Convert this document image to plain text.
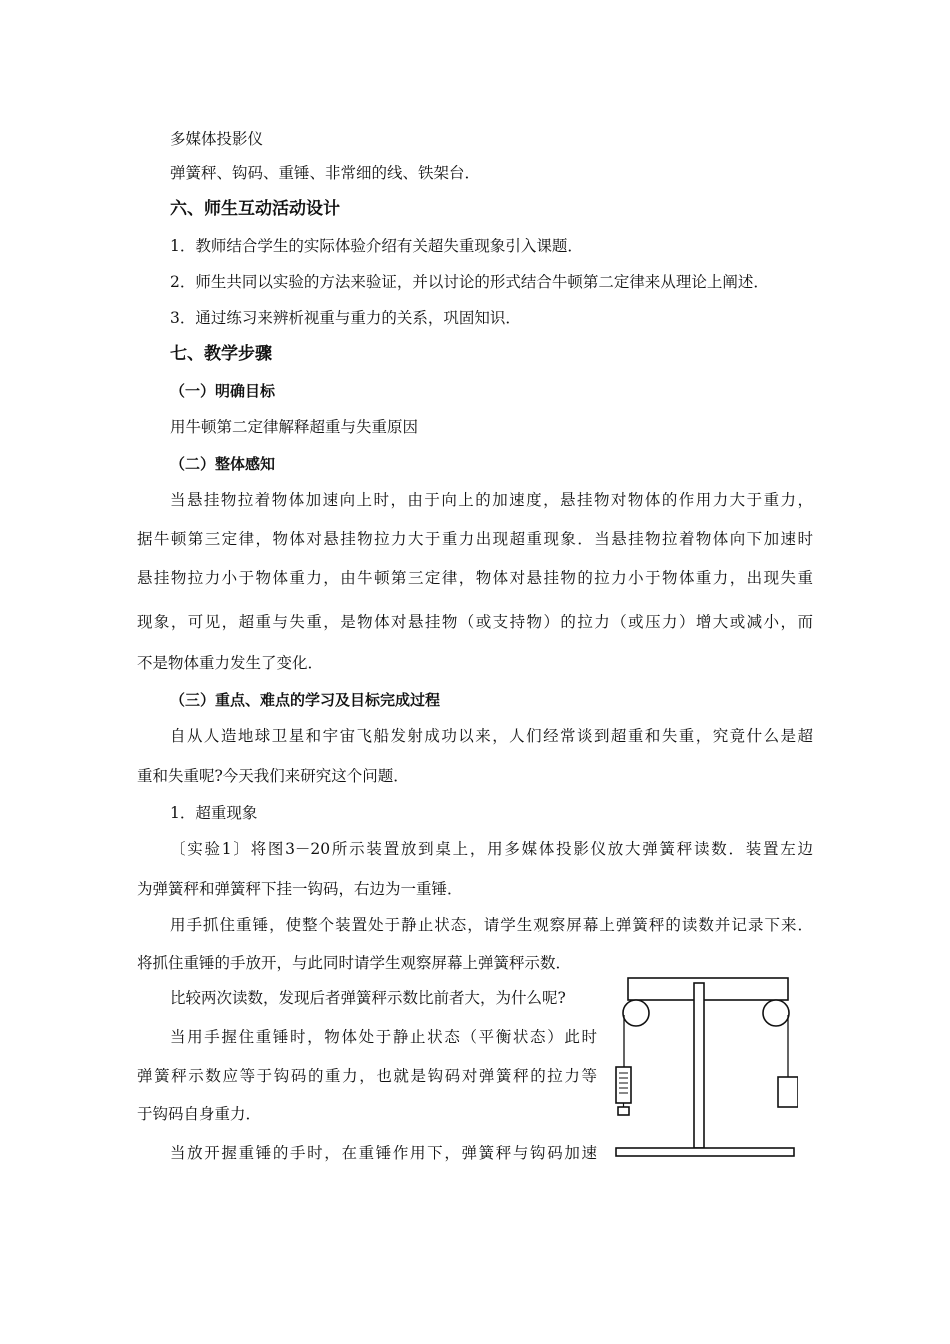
多媒体投影仪
弹簧秤、钩码、重锤、非常细的线、铁架台．
六、师生互动活动设计
1．教师结合学生的实际体验介绍有关超失重现象引入课题．
2．师生共同以实验的方法来验证，并以讨论的形式结合牛顿第二定律来从理论上阐述．
3．通过练习来辨析视重与重力的关系，巩固知识．
七、教学步骤
（一）明确目标
用牛顿第二定律解释超重与失重原因
（二）整体感知
当悬挂物拉着物体加速向上时，由于向上的加速度，悬挂物对物体的作用力大于重力，
据牛顿第三定律，物体对悬挂物拉力大于重力出现超重现象．当悬挂物拉着物体向下加速时
悬挂物拉力小于物体重力，由牛顿第三定律，物体对悬挂物的拉力小于物体重力，出现失重
现象，可见，超重与失重，是物体对悬挂物（或支持物）的拉力（或压力）增大或减小，而
不是物体重力发生了变化．
（三）重点、难点的学习及目标完成过程
自从人造地球卫星和宇宙飞船发射成功以来，人们经常谈到超重和失重，究竟什么是超
重和失重呢?今天我们来研究这个问题．
1．超重现象
〔实验1〕将图3－20所示装置放到桌上，用多媒体投影仪放大弹簧秤读数．装置左边
为弹簧秤和弹簧秤下挂一钩码，右边为一重锤．
用手抓住重锤，使整个装置处于静止状态，请学生观察屏幕上弹簧秤的读数并记录下来．
将抓住重锤的手放开，与此同时请学生观察屏幕上弹簧秤示数．
比较两次读数，发现后者弹簧秤示数比前者大，为什么呢?
当用手握住重锤时，物体处于静止状态（平衡状态）此时
弹簧秤示数应等于钩码的重力，也就是钩码对弹簧秤的拉力等
于钩码自身重力．
当放开握重锤的手时，在重锤作用下，弹簧秤与钩码加速
